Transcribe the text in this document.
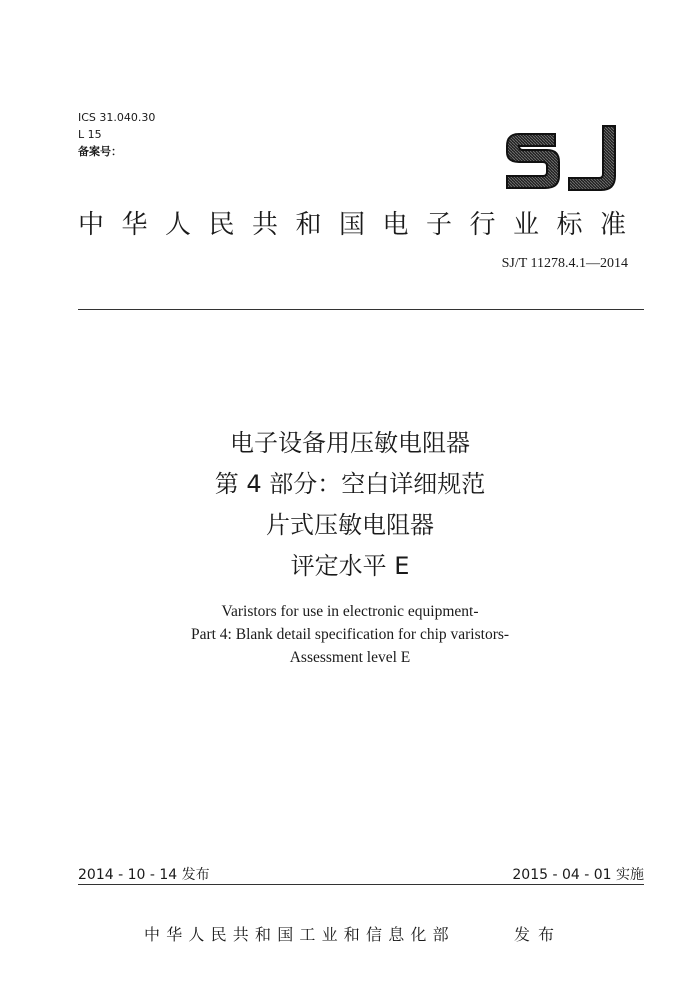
ICS 31.040.30
L 15
备案号：
SJ
中华人民共和国电子行业标准
SJ/T 11278.4.1—2014
电子设备用压敏电阻器
第 4 部分：空白详细规范
片式压敏电阻器
评定水平 E
Varistors for use in electronic equipment-
Part 4: Blank detail specification for chip varistors-
Assessment level E
2014 - 10 - 14 发布	2015 - 04 - 01 实施
中华人民共和国工业和信息化部	发布
